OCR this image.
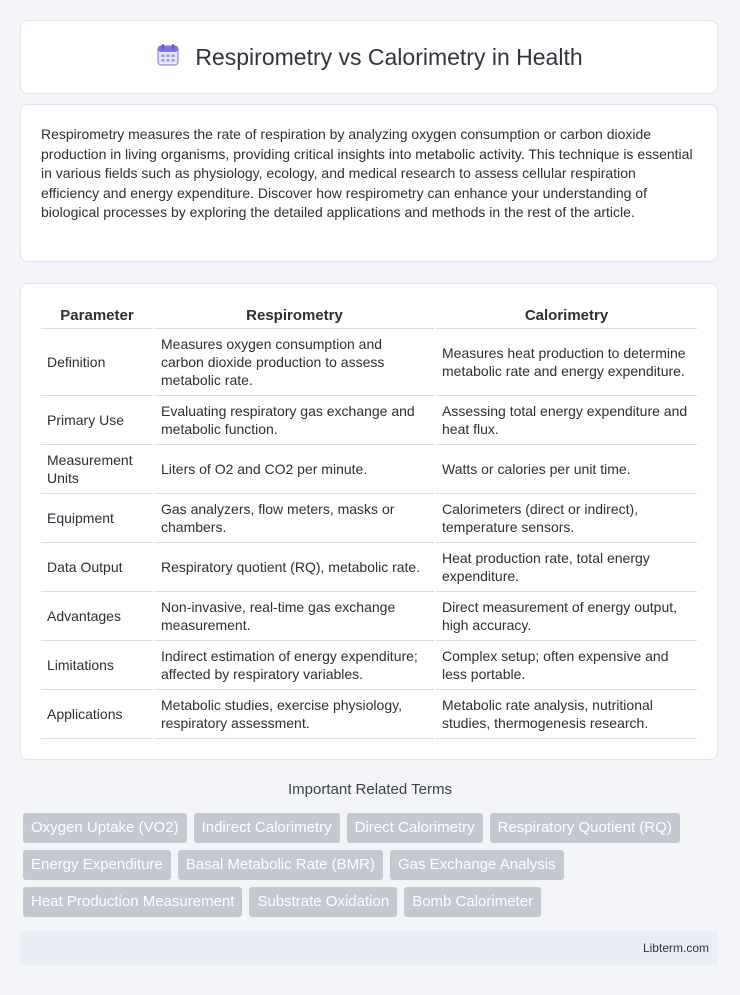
Respirometry vs Calorimetry in Health

Respirometry measures the rate of respiration by analyzing oxygen consumption or carbon dioxide production in living organisms, providing critical insights into metabolic activity. This technique is essential in various fields such as physiology, ecology, and medical research to assess cellular respiration efficiency and energy expenditure. Discover how respirometry can enhance your understanding of biological processes by exploring the detailed applications and methods in the rest of the article.

Parameter	Respirometry	Calorimetry
Definition	Measures oxygen consumption and carbon dioxide production to assess metabolic rate.	Measures heat production to determine metabolic rate and energy expenditure.
Primary Use	Evaluating respiratory gas exchange and metabolic function.	Assessing total energy expenditure and heat flux.
Measurement Units	Liters of O2 and CO2 per minute.	Watts or calories per unit time.
Equipment	Gas analyzers, flow meters, masks or chambers.	Calorimeters (direct or indirect), temperature sensors.
Data Output	Respiratory quotient (RQ), metabolic rate.	Heat production rate, total energy expenditure.
Advantages	Non-invasive, real-time gas exchange measurement.	Direct measurement of energy output, high accuracy.
Limitations	Indirect estimation of energy expenditure; affected by respiratory variables.	Complex setup; often expensive and less portable.
Applications	Metabolic studies, exercise physiology, respiratory assessment.	Metabolic rate analysis, nutritional studies, thermogenesis research.
Important Related Terms
Oxygen Uptake (VO2)	Indirect Calorimetry	Direct Calorimetry	Respiratory Quotient (RQ)
Energy Expenditure	Basal Metabolic Rate (BMR)	Gas Exchange Analysis
Heat Production Measurement	Substrate Oxidation	Bomb Calorimeter
Libterm.com
